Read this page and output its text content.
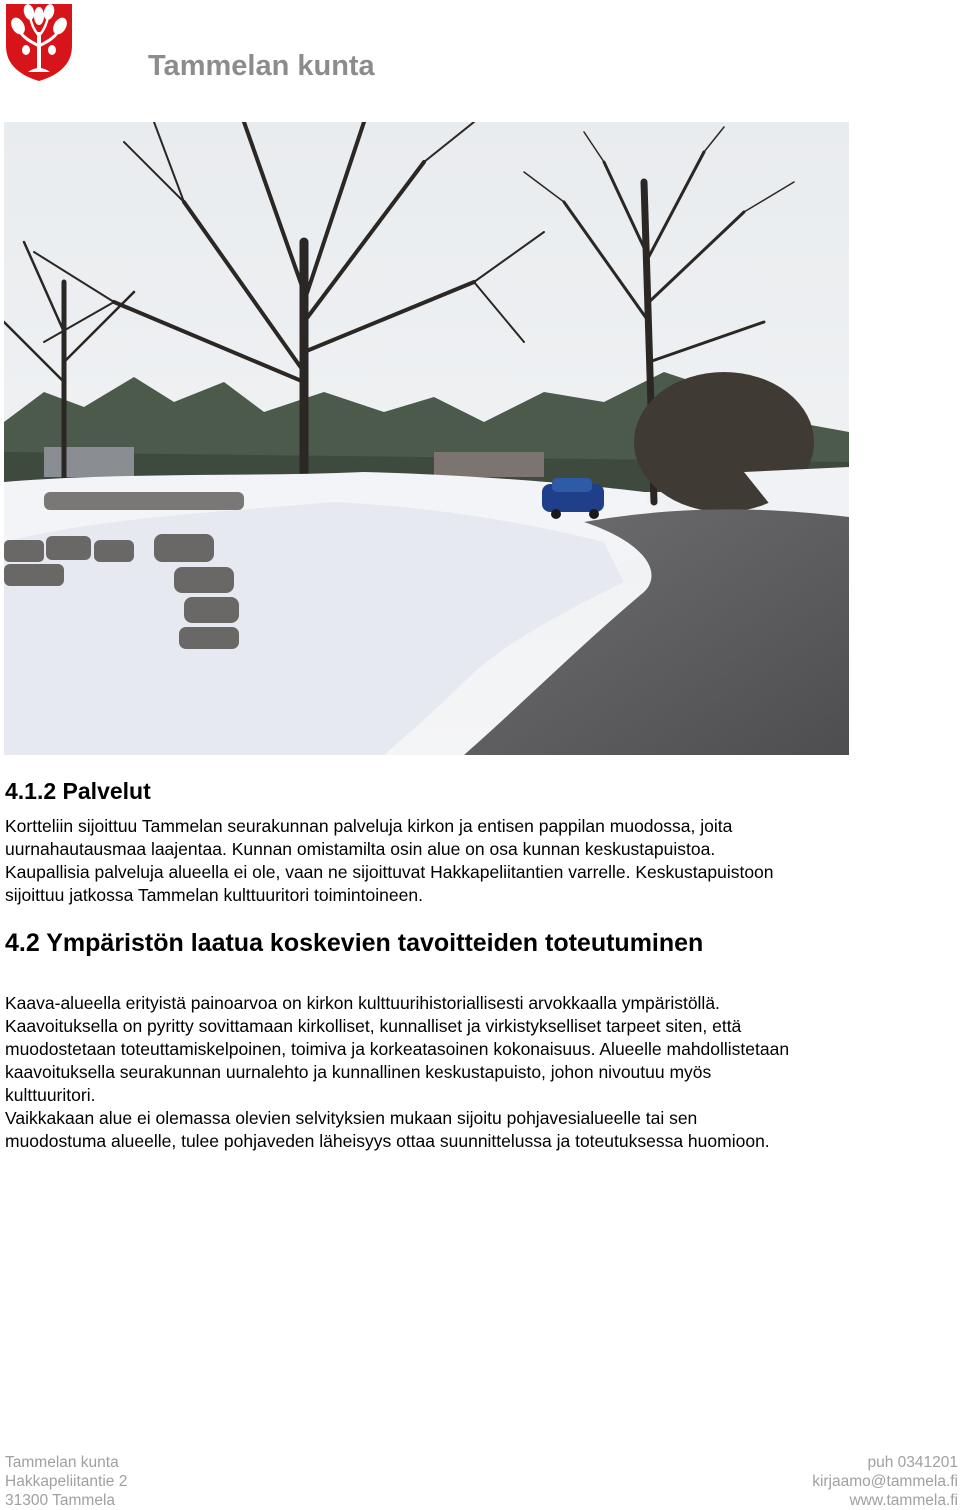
Tammelan kunta
4.1.2 Palvelut
Kortteliin sijoittuu Tammelan seurakunnan palveluja kirkon ja entisen pappilan muodossa, joita
uurnahautausmaa laajentaa. Kunnan omistamilta osin alue on osa kunnan keskustapuistoa.
Kaupallisia palveluja alueella ei ole, vaan ne sijoittuvat Hakkapeliitantien varrelle. Keskustapuistoon
sijoittuu jatkossa Tammelan kulttuuritori toimintoineen.
4.2 Ympäristön laatua koskevien tavoitteiden toteutuminen
Kaava-alueella erityistä painoarvoa on kirkon kulttuurihistoriallisesti arvokkaalla ympäristöllä.
Kaavoituksella on pyritty sovittamaan kirkolliset, kunnalliset ja virkistykselliset tarpeet siten, että
muodostetaan toteuttamiskelpoinen, toimiva ja korkeatasoinen kokonaisuus. Alueelle mahdollistetaan
kaavoituksella seurakunnan uurnalehto ja kunnallinen keskustapuisto, johon nivoutuu myös
kulttuuritori.
Vaikkakaan alue ei olemassa olevien selvityksien mukaan sijoitu pohjavesialueelle tai sen
muodostuma alueelle, tulee pohjaveden läheisyys ottaa suunnittelussa ja toteutuksessa huomioon.
Tammelan kunta
Hakkapeliitantie 2
31300 Tammela
puh 0341201
kirjaamo@tammela.fi
www.tammela.fi
